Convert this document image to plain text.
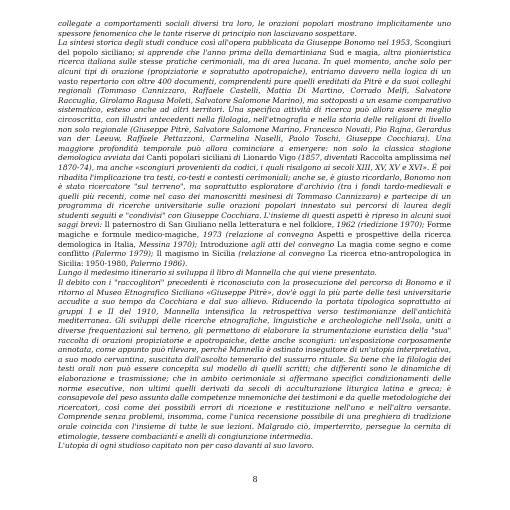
collegate a comportamenti sociali diversi tra loro, le orazioni popolari mostrano implicitamente uno spessore fenomenico che le tante riserve di principio non lasciavano sospettare.

La sintesi storica degli studi conduce così all'opera pubblicata da Giuseppe Bonomo nel 1953, Scongiuri del popolo siciliano; si apprende che l'anno prima della demartiniana Sud e magia, altra pionieristica ricerca italiana sulle stesse pratiche cerimoniali, ma di area lucana. In quel momento, anche solo per alcuni tipi di orazione (propiziatorie e sopratutto apotropaiche), entriamo davvero nella logica di un vasto repertorio con oltre 400 documenti, comprendenti pure quelli ereditati da Pitrè e da suoi colleghi regionali (Tommaso Cannizzaro, Raffaele Castelli, Mattia Di Martino, Corrado Melfi, Salvatore Raccuglia, Girolamo Ragusa Moleti, Salvatore Salomone Marino), ma sottoposti a un esame comparativo sistematico, esteso anche ad altri territori. Una specifica attività di ricerca può allora essere meglio circoscritta, con illustri antecedenti nella filologia, nell'etnografia e nella storia delle religioni di livello non solo regionale (Giuseppe Pitrè, Salvatore Salomone Marino, Francesco Novati, Pio Rajna, Gerardus van der Leeuw, Raffaele Pettazzoni, Carmelina Naselli, Paolo Toschi, Giuseppe Cocchiara). Una maggiore profondità temporale può allora cominciare a emergere: non solo la classica stagione demologica avviata dai Canti popolari siciliani di Lionardo Vigo (1857, diventati Raccolta amplissima nel 1870-74), ma anche «scongiuri provenienti da codici, i quali risalgono ai secoli XIII, XV, XV e XVI». È poi ribadita l'implicazione tra testi, co-testi e contesti cerimoniali; anche se, è giusto ricordarlo, Bonomo non è stato ricercatore "sul terreno", ma soprattutto esploratore d'archivio (tra i fondi tardo-medievali e quelli più recenti, come nel caso dei manoscritti mesinesi di Tommaso Cannizzaro) e partecipe di un programma di ricerche universitarie sulle orazioni popolari innestato sui percorsi di laurea degli studenti seguiti e "condivisi" con Giuseppe Cocchiara. L'insieme di questi aspetti è ripreso in alcuni suoi saggi brevi: Il paternostro di San Giuliano nella letteratura e nel folklore, 1962 (riedizione 1970); Forme magiche e formule medico-magiche, 1973 (relazione al convegno Aspetti e prospettive della ricerca demologica in Italia, Messina 1970); Introduzione agli atti del convegno La magia come segno e come conflitto (Palermo 1979); Il magismo in Sicilia (relazione al convegno La ricerca etno-antropologica in Sicilia: 1950-1980, Palermo 1986).

Lungo il medesimo itinerario si sviluppa il libro di Mannella che qui viene presentato.

Il debito con i "raccoglitori" precedenti è riconosciuto con la prosecuzione del percorso di Bonomo e il ritorno al Museo Etnografico Siciliano «Giuseppe Pitrè», dov'è oggi la più parte delle tesi universitarie accudite a suo tempo da Cocchiara e dal suo allievo. Riducendo la portata tipologica soprattutto ai gruppi I e II del 1910, Mannella intensifica la retrospettiva verso testimonianze dell'antichità mediterranea. Gli sviluppi delle ricerche etnografiche, linguistiche e archeologiche nell'Isola, uniti a diverse frequentazioni sul terreno, gli permettono di elaborare la strumentazione euristica della "sua" raccolta di orazioni propiziatorie e apotropaiche, dette anche scongiuri: un'esposizione corposamente annotata, come appunto può rilevare, perché Mannella è ostinato inseguitore di un'utopia interpretativa, a suo modo cervantina, suscitata dall'ascolto temerario del sussurro rituale. Sa bene che la filologia dei testi orali non può essere concepita sul modello di quelli scritti; che differenti sono le dinamiche di elaborazione e trasmissione; che in ambito cerimoniale si affermano specifici condizionamenti delle norme esecutive, non ultimi quelli derivati da secoli di acculturazione liturgica latina e greca; è consapevole del peso assunto dalle competenze mnemoniche dei testimoni e da quelle metodologiche dei ricercatori, così come dei possibili errori di ricezione e restituzione nell'uno e nell'altro versante. Comprende senza problemi, insomma, come l'unica recensione possibile di una preghiera di tradizione orale coincida con l'insieme di tutte le sue lezioni. Malgrado ciò, imperterrito, persegue la cernita di etimologie, tessere combaciantí e anelli di congiunzione intermedia.

L'utopia di ogni studioso capitato non per caso davanti al suo lavoro.

8
